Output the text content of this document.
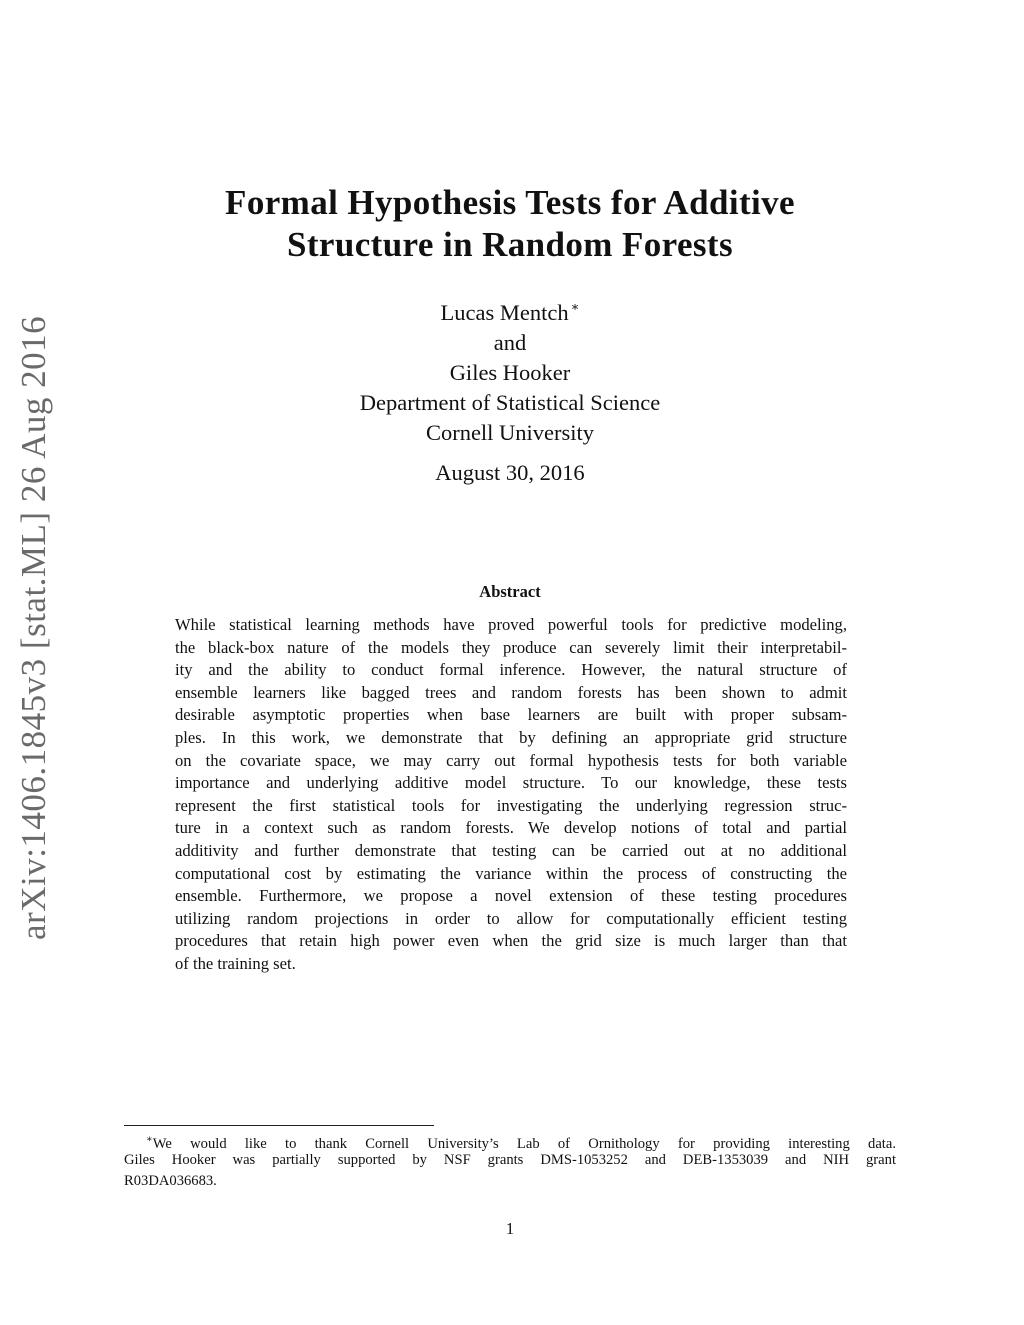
arXiv:1406.1845v3 [stat.ML] 26 Aug 2016
Formal Hypothesis Tests for Additive
Structure in Random Forests
Lucas Mentch ∗
and
Giles Hooker
Department of Statistical Science
Cornell University
August 30, 2016
Abstract
While statistical learning methods have proved powerful tools for predictive modeling,
the black-box nature of the models they produce can severely limit their interpretabil-
ity and the ability to conduct formal inference. However, the natural structure of
ensemble learners like bagged trees and random forests has been shown to admit
desirable asymptotic properties when base learners are built with proper subsam-
ples. In this work, we demonstrate that by defining an appropriate grid structure
on the covariate space, we may carry out formal hypothesis tests for both variable
importance and underlying additive model structure. To our knowledge, these tests
represent the first statistical tools for investigating the underlying regression struc-
ture in a context such as random forests. We develop notions of total and partial
additivity and further demonstrate that testing can be carried out at no additional
computational cost by estimating the variance within the process of constructing the
ensemble. Furthermore, we propose a novel extension of these testing procedures
utilizing random projections in order to allow for computationally efficient testing
procedures that retain high power even when the grid size is much larger than that
of the training set.
∗We would like to thank Cornell University’s Lab of Ornithology for providing interesting data.
Giles Hooker was partially supported by NSF grants DMS-1053252 and DEB-1353039 and NIH grant
R03DA036683.
1
